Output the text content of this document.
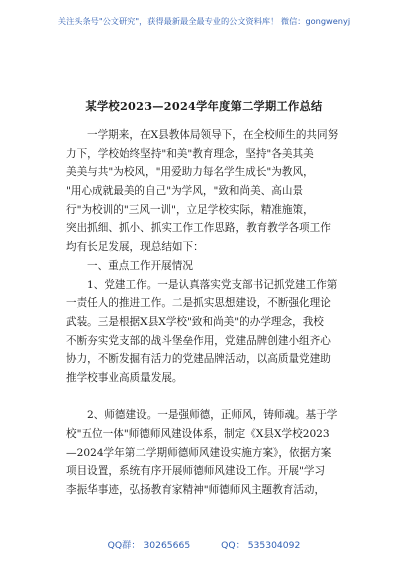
关注头条号"公文研究"，获得最新最全最专业的公文资料库！ 微信：gongwenyj
某学校2023—2024学年度第二学期工作总结
一学期来，在X县教体局领导下，在全校师生的共同努
力下，学校始终坚持"和美"教育理念，坚持"各美其美
美美与共"为校风，"用爱助力每名学生成长"为教风，
"用心成就最美的自己"为学风，"致和尚美、高山景
行"为校训的"三风一训"，立足学校实际，精准施策，
突出抓细、抓小、抓实工作工作思路，教育教学各项工作
均有长足发展，现总结如下：
一、重点工作开展情况
1、党建工作。一是认真落实党支部书记抓党建工作第
一责任人的推进工作。二是抓实思想建设，不断强化理论
武装。三是根据X县X学校"致和尚美"的办学理念，我校
不断夯实党支部的战斗堡垒作用，党建品牌创建小组齐心
协力，不断发掘有活力的党建品牌活动，以高质量党建助
推学校事业高质量发展。
2、师德建设。一是强师德，正师风，铸师魂。基于学
校"五位一体"师德师风建设体系，制定《X县X学校2023
—2024学年第二学期师德师风建设实施方案》，依据方案
项目设置，系统有序开展师德师风建设工作。开展"学习
李振华事迹，弘扬教育家精神"师德师风主题教育活动，
QQ群： 30265665	QQ： 535304092
